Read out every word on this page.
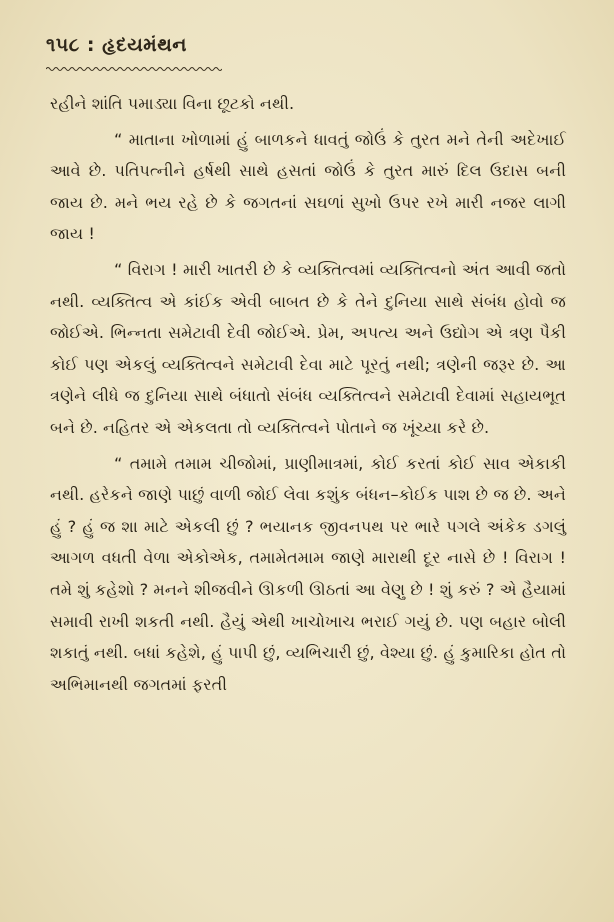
૧૫૮ : હૃદયમંથન

રહીને શાંતિ પમાડ્યા વિના છૂટકો નથી.

“ માતાના ખોળામાં હું બાળકને ધાવતું જોઉં કે તુરત મને તેની અદેખાઈ આવે છે. પતિપત્નીને હર્ષથી સાથે હસતાં જોઉં કે તુરત મારું દિલ ઉદાસ બની જાય છે. મને ભય રહે છે કે જગતનાં સઘળાં સુખો ઉપર રખે મારી નજર લાગી જાય !

“ વિરાગ ! મારી ખાતરી છે કે વ્યક્તિત્વમાં વ્યક્તિત્વનો અંત આવી જતો નથી. વ્યક્તિત્વ એ કાંઈક એવી બાબત છે કે તેને દુનિયા સાથે સંબંધ હોવો જ જોઈએ. ભિન્નતા સમેટાવી દેવી જોઈએ. પ્રેમ, અપત્ય અને ઉદ્યોગ એ ત્રણ પૈકી કોઈ પણ એકલું વ્યક્તિત્વને સમેટાવી દેવા માટે પૂરતું નથી; ત્રણેની જરૂર છે. આ ત્રણેને લીધે જ દુનિયા સાથે બંધાતો સંબંધ વ્યક્તિત્વને સમેટાવી દેવામાં સહાયભૂત બને છે. નહિતર એ એકલતા તો વ્યક્તિત્વને પોતાને જ ખૂંચ્યા કરે છે.

“ તમામે તમામ ચીજોમાં, પ્રાણીમાત્રમાં, કોઈ કરતાં કોઈ સાવ એકાકી નથી. હરેકને જાણે પાછું વાળી જોઈ લેવા કશુંક બંધન–કોઈક પાશ છે જ છે. અને હું ? હું જ શા માટે એકલી છું ? ભયાનક જીવનપથ પર ભારે પગલે અંકેક ડગલું આગળ વધતી વેળા એકોએક, તમામેતમામ જાણે મારાથી દૂર નાસે છે ! વિરાગ ! તમે શું કહેશો ? મનને શીજવીને ઊકળી ઊઠતાં આ વેણુ છે ! શું કરું ? એ હૈયામાં સમાવી રાખી શકતી નથી. હૈયું એથી ખાચોખાચ ભરાઈ ગયું છે. પણ બહાર બોલી શકાતું નથી. બધાં કહેશે, હું પાપી છું, વ્યભિચારી છું, વેશ્યા છું. હું કુમારિકા હોત તો અભિમાનથી જગતમાં ફરતી
